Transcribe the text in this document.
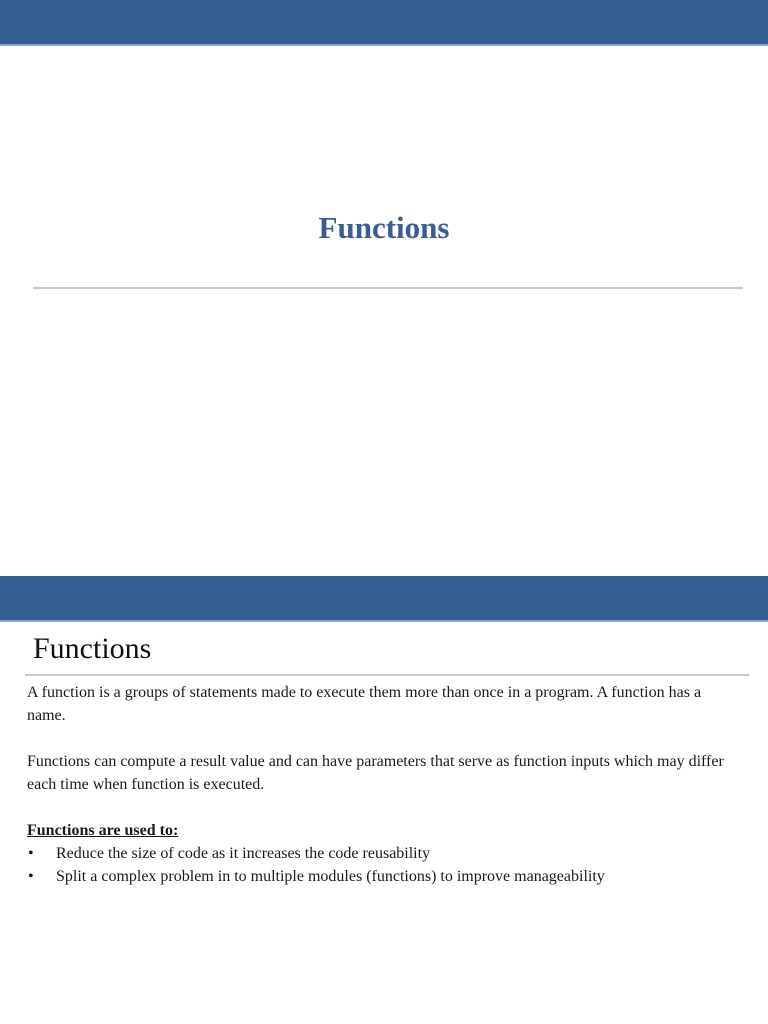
Functions
Functions

A function is a groups of statements made to execute them more than once in a program. A function has a name.

Functions can compute a result value and can have parameters that serve as function inputs which may differ each time when function is executed.

Functions are used to:
• Reduce the size of code as it increases the code reusability
• Split a complex problem in to multiple modules (functions) to improve manageability
